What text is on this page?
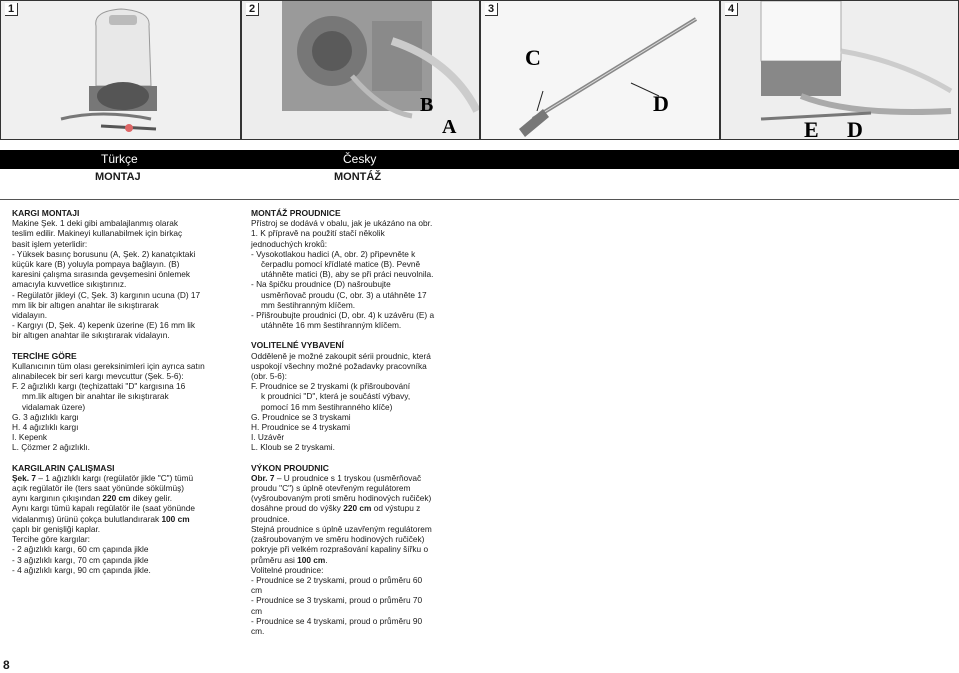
1
B
A
2
C
D
3
E D
4
Türkçe	Česky
MONTAJ	MONTÁŽ
KARGI MONTAJI

Makine Şek. 1 deki gibi ambalajlanmış olarak

teslim edilir. Makineyi kullanabilmek için birkaç

basit işlem yeterlidir:

- Yüksek basınç borusunu (A, Şek. 2) kanatçıktaki

küçük kare (B) yoluyla pompaya bağlayın. (B)

karesini çalışma sırasında gevşemesini önlemek

amacıyla kuvvetlice sıkıştırınız.

- Regülatör jikleyi (C, Şek. 3) kargının ucuna (D) 17

mm lik bir altıgen anahtar ile sıkıştırarak

vidalayın.

- Kargıyı (D, Şek. 4) kepenk üzerine (E) 16 mm lik

bir altıgen anahtar ile sıkıştırarak vidalayın.

TERCİHE GÖRE

Kullanıcının tüm olası gereksinimleri için ayrıca satın

alınabilecek bir seri kargı mevcuttur (Şek. 5-6):

F. 2 ağızlıklı kargı (teçhizattaki "D" kargısına 16

mm.lik altıgen bir anahtar ile sıkıştırarak

vidalamak üzere)

G. 3 ağızlıklı kargı

H. 4 ağızlıklı kargı

I. Kepenk

L. Çözmer 2 ağızlıklı.

KARGILARIN ÇALIŞMASI

Şek. 7 – 1 ağızlıklı kargı (regülatör jikle "C") tümü

açık regülatör ile (ters saat yönünde sökülmüş)

aynı kargının çıkışından 220 cm dikey gelir.

Aynı kargı tümü kapalı regülatör ile (saat yönünde

vidalanmış) ürünü çokça bulutlandırarak 100 cm

çaplı bir genişliği kaplar.

Tercihe göre kargılar:

- 2 ağızlıklı kargı, 60 cm çapında jikle

- 3 ağızlıklı kargı, 70 cm çapında jikle

- 4 ağızlıklı kargı, 90 cm çapında jikle.

MONTÁŽ PROUDNICE

Přístroj se dodává v obalu, jak je ukázáno na obr.

1. K přípravě na použití stačí několik

jednoduchých kroků:

- Vysokotlakou hadici (A, obr. 2) připevněte k

čerpadlu pomocí křídlaté matice (B). Pevně

utáhněte matici (B), aby se při práci neuvolnila.

- Na špičku proudnice (D) našroubujte

usměrňovač proudu (C, obr. 3) a utáhněte 17

mm šestihranným klíčem.

- Přišroubujte proudnici (D, obr. 4) k uzávěru (E) a

utáhněte 16 mm šestihranným klíčem.

VOLITELNÉ VYBAVENÍ

Odděleně je možné zakoupit sérii proudnic, která

uspokojí všechny možné požadavky pracovníka

(obr. 5-6):

F. Proudnice se 2 tryskami (k přišroubování

k proudnici "D", která je součástí výbavy,

pomocí 16 mm šestihranného klíče)

G. Proudnice se 3 tryskami

H. Proudnice se 4 tryskami

I. Uzávěr

L. Kloub se 2 tryskami.

VÝKON PROUDNIC

Obr. 7 – U proudnice s 1 tryskou (usměrňovač

proudu "C") s úplně otevřeným regulátorem

(vyšroubovaným proti směru hodinových ručiček)

dosáhne proud do výšky 220 cm od výstupu z

proudnice.

Stejná proudnice s úplně uzavřeným regulátorem

(zašroubovaným ve směru hodinových ručiček)

pokryje při velkém rozprašování kapaliny šířku o

průměru asi 100 cm.

Volitelné proudnice:

- Proudnice se 2 tryskami, proud o průměru 60

cm

- Proudnice se 3 tryskami, proud o průměru 70

cm

- Proudnice se 4 tryskami, proud o průměru 90

cm.

8
